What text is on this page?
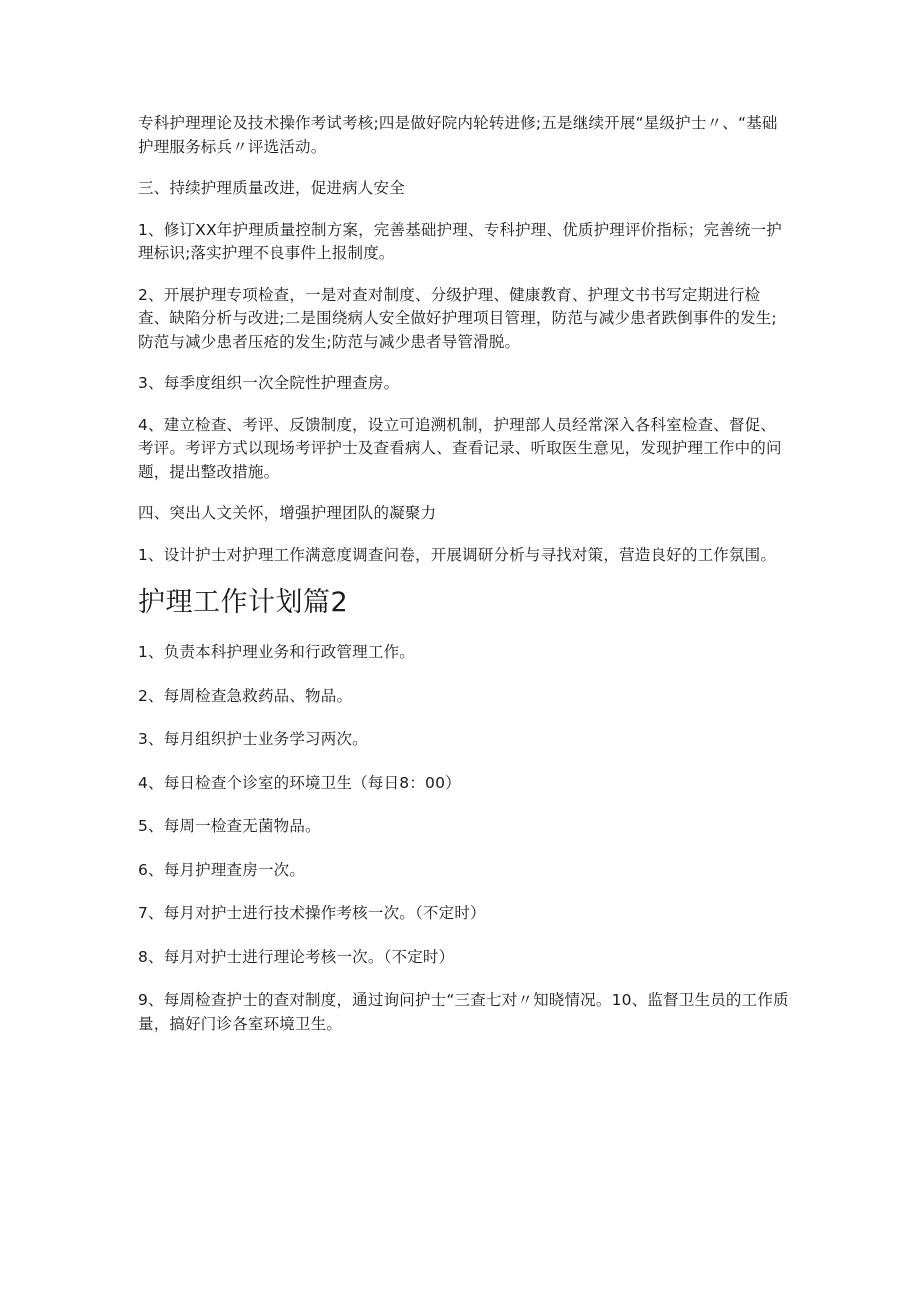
专科护理理论及技术操作考试考核;四是做好院内轮转进修;五是继续开展“星级护士〃、“基础护理服务标兵〃评选活动。

三、持续护理质量改进，促进病人安全

1、修订XX年护理质量控制方案，完善基础护理、专科护理、优质护理评价指标；完善统一护理标识;落实护理不良事件上报制度。

2、开展护理专项检查，一是对查对制度、分级护理、健康教育、护理文书书写定期进行检查、缺陷分析与改进;二是围绕病人安全做好护理项目管理，防范与减少患者跌倒事件的发生;防范与减少患者压疮的发生;防范与减少患者导管滑脱。

3、每季度组织一次全院性护理查房。

4、建立检查、考评、反馈制度，设立可追溯机制，护理部人员经常深入各科室检查、督促、考评。考评方式以现场考评护士及查看病人、查看记录、听取医生意见，发现护理工作中的问题，提出整改措施。

四、突出人文关怀，增强护理团队的凝聚力

1、设计护士对护理工作满意度调查问卷，开展调研分析与寻找对策，营造良好的工作氛围。

护理工作计划篇2

1、负责本科护理业务和行政管理工作。

2、每周检查急救药品、物品。

3、每月组织护士业务学习两次。

4、每日检查个诊室的环境卫生（每日8：00）

5、每周一检查无菌物品。

6、每月护理查房一次。

7、每月对护士进行技术操作考核一次。（不定时）

8、每月对护士进行理论考核一次。（不定时）

9、每周检查护士的查对制度，通过询问护士“三查七对〃知晓情况。10、监督卫生员的工作质量，搞好门诊各室环境卫生。
